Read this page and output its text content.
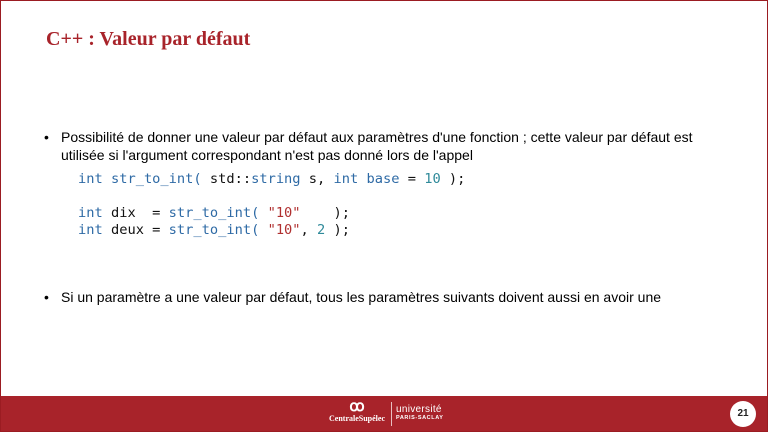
C++ : Valeur par défaut
• Possibilité de donner une valeur par défaut aux paramètres d'une fonction ; cette valeur par défaut est utilisée si l'argument correspondant n'est pas donné lors de l'appel
int str_to_int( std::string s, int base = 10 );

int dix  = str_to_int( "10"    );
int deux = str_to_int( "10", 2 );
• Si un paramètre a une valeur par défaut, tous les paramètres suivants doivent aussi en avoir une
ꝏ
CentraleSupélec
université
PARIS-SACLAY	21
